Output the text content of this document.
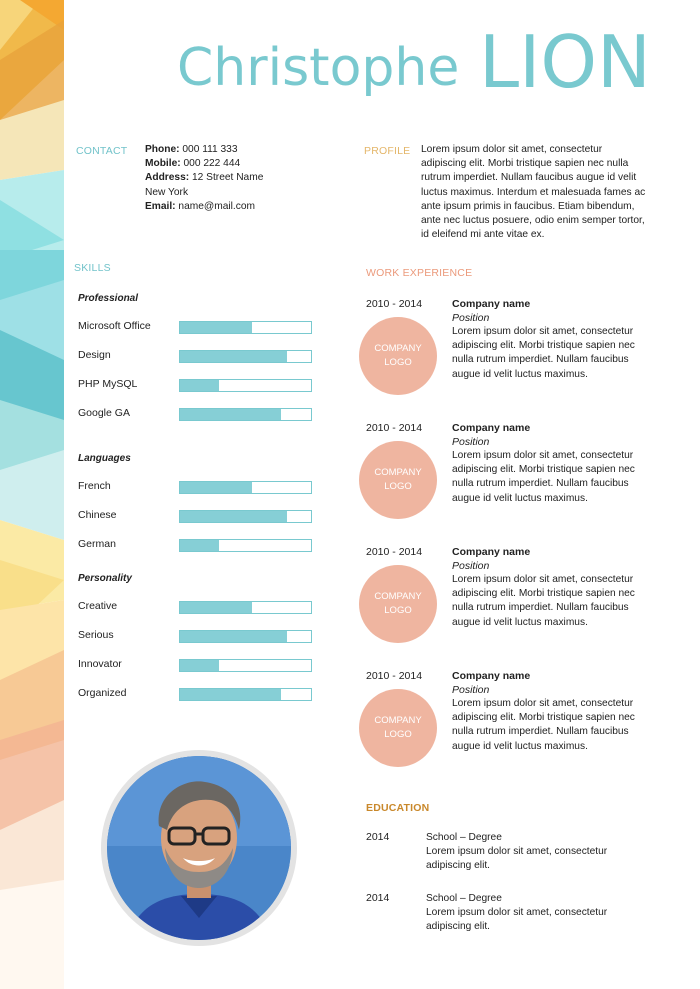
Christophe LION
CONTACT Phone: 000 111 333
Mobile: 000 222 444
Address: 12 Street Name
New York
Email: name@mail.com
PROFILE Lorem ipsum dolor sit amet, consectetur
adipiscing elit. Morbi tristique sapien nec nulla
rutrum imperdiet. Nullam faucibus augue id velit
luctus maximus. Interdum et malesuada fames ac
ante ipsum primis in faucibus. Etiam bibendum,
ante nec luctus posuere, odio enim semper tortor,
id eleifend mi ante vitae ex.
SKILLS
Professional
Microsoft Office
Design
PHP MySQL
Google GA
Languages
French
Chinese
German
Personality
Creative
Serious
Innovator
Organized
WORK EXPERIENCE
2010 - 2014
COMPANY LOGO
Company name
Position
Lorem ipsum dolor sit amet, consectetur
adipiscing elit. Morbi tristique sapien nec
nulla rutrum imperdiet. Nullam faucibus
augue id velit luctus maximus.
2010 - 2014
COMPANY LOGO
Company name
Position
Lorem ipsum dolor sit amet, consectetur
adipiscing elit. Morbi tristique sapien nec
nulla rutrum imperdiet. Nullam faucibus
augue id velit luctus maximus.
2010 - 2014
COMPANY LOGO
Company name
Position
Lorem ipsum dolor sit amet, consectetur
adipiscing elit. Morbi tristique sapien nec
nulla rutrum imperdiet. Nullam faucibus
augue id velit luctus maximus.
2010 - 2014
COMPANY LOGO
Company name
Position
Lorem ipsum dolor sit amet, consectetur
adipiscing elit. Morbi tristique sapien nec
nulla rutrum imperdiet. Nullam faucibus
augue id velit luctus maximus.
EDUCATION
2014	School – Degree
Lorem ipsum dolor sit amet, consectetur
adipiscing elit.
2014	School – Degree
Lorem ipsum dolor sit amet, consectetur
adipiscing elit.
